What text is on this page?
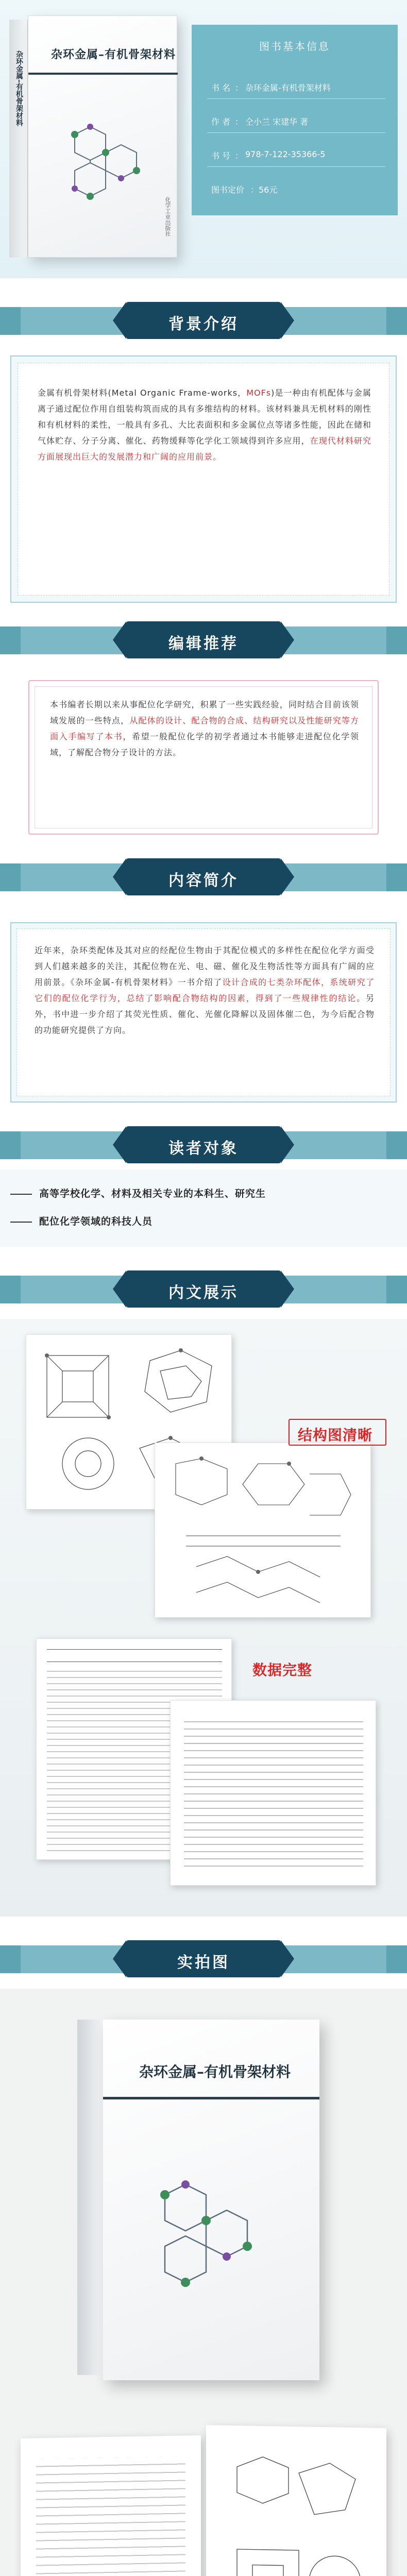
杂环金属–有机骨架材料 杂环金属–有机骨架材料
化学工业出版社
图书基本信息
书 名 ： 杂环金属-有机骨架材料
作 者 ： 仝小兰 宋建华 著
书 号 ： 978-7-122-35366-5
图书定价 ： 56元
背景介绍
金属有机骨架材料(Metal Organic Frame-works，MOFs)是一种由有机配体与金属离子通过配位作用自组装构筑而成的具有多维结构的材料。该材料兼具无机材料的刚性和有机材料的柔性，一般具有多孔、大比表面积和多金属位点等诸多性能，因此在储和气体贮存、分子分离、催化、药物缓释等化学化工领域得到许多应用，在现代材料研究方面展现出巨大的发展潜力和广阔的应用前景。
编辑推荐
本书编者长期以来从事配位化学研究，积累了一些实践经验，同时结合目前该领域发展的一些特点，从配体的设计、配合物的合成、结构研究以及性能研究等方面入手编写了本书，希望一般配位化学的初学者通过本书能够走进配位化学领域，了解配合物分子设计的方法。
内容简介
近年来，杂环类配体及其对应的经配位生物由于其配位模式的多样性在配位化学方面受到人们越来越多的关注，其配位物在光、电、磁、催化及生物活性等方面具有广阔的应用前景。《杂环金属-有机骨架材料》一书介绍了设计合成的七类杂环配体，系统研究了它们的配位化学行为，总结了影响配合物结构的因素，得到了一些规律性的结论。另外，书中进一步介绍了其荧光性质、催化、光催化降解以及固体催二色，为今后配合物的功能研究提供了方向。
读者对象
高等学校化学、材料及相关专业的本科生、研究生
配位化学领域的科技人员
内文展示
结构图清晰
数据完整
实拍图
杂环金属–有机骨架材料
